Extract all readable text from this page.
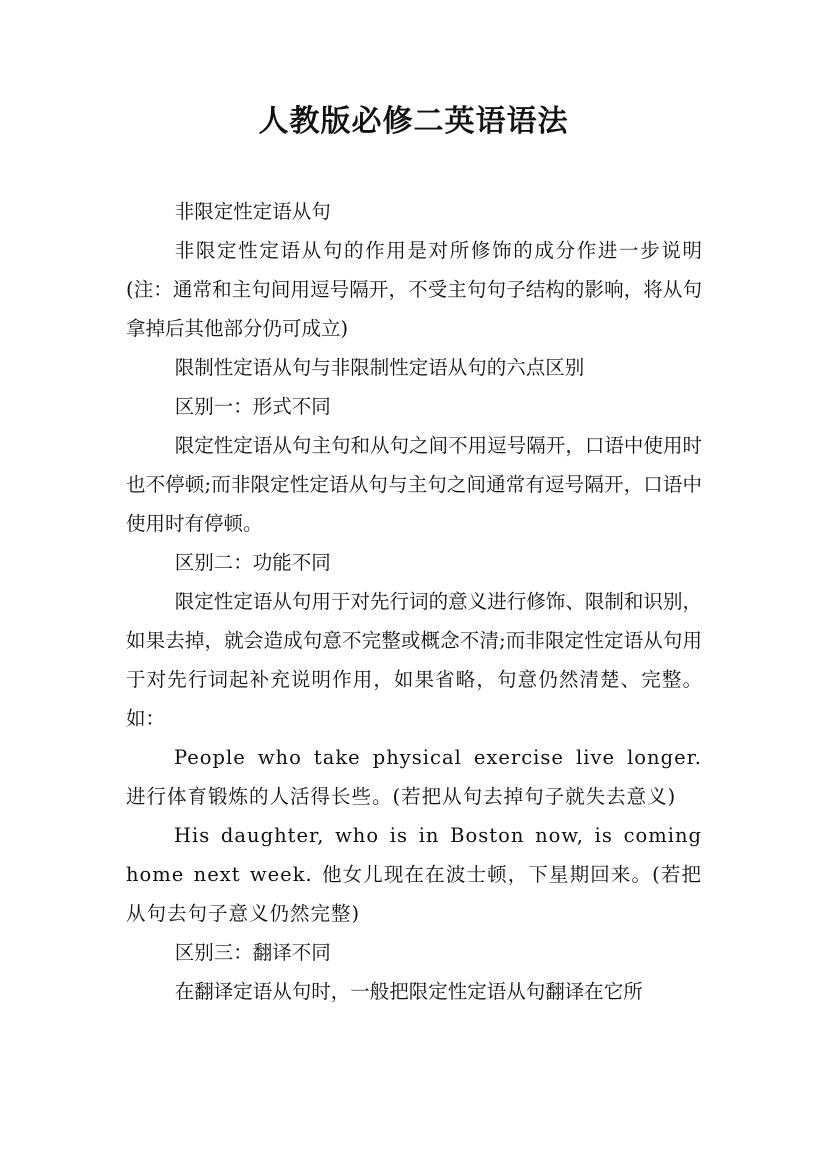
人教版必修二英语语法

非限定性定语从句

非限定性定语从句的作用是对所修饰的成分作进一步说明(注：通常和主句间用逗号隔开，不受主句句子结构的影响，将从句拿掉后其他部分仍可成立)

限制性定语从句与非限制性定语从句的六点区别

区别一：形式不同

限定性定语从句主句和从句之间不用逗号隔开，口语中使用时也不停顿;而非限定性定语从句与主句之间通常有逗号隔开，口语中使用时有停顿。

区别二：功能不同

限定性定语从句用于对先行词的意义进行修饰、限制和识别，如果去掉，就会造成句意不完整或概念不清;而非限定性定语从句用于对先行词起补充说明作用，如果省略，句意仍然清楚、完整。如：

People who take physical exercise live longer. 进行体育锻炼的人活得长些。(若把从句去掉句子就失去意义)

His daughter, who is in Boston now, is coming home next week. 他女儿现在在波士顿，下星期回来。(若把从句去句子意义仍然完整)

区别三：翻译不同

在翻译定语从句时，一般把限定性定语从句翻译在它所
